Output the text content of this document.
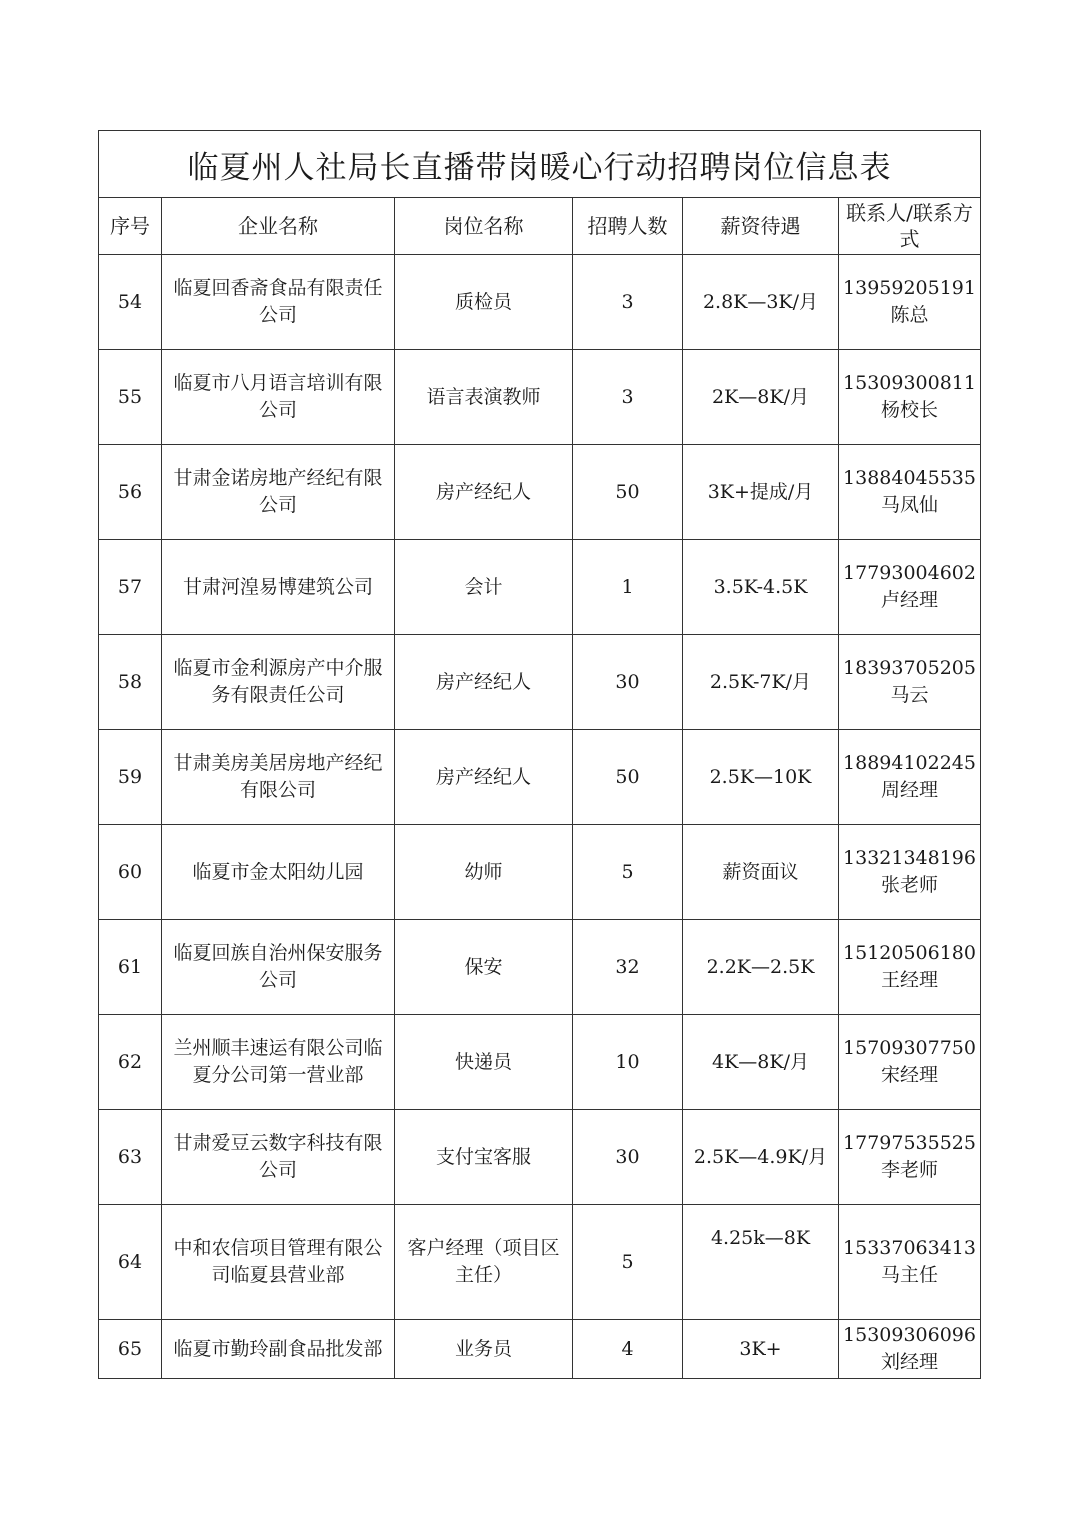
临夏州人社局长直播带岗暖心行动招聘岗位信息表					
序号	企业名称	岗位名称	招聘人数	薪资待遇	联系人/联系方式
54	临夏回香斋食品有限责任公司	质检员	3	2.8K—3K/月	13959205191
陈总

55	临夏市八月语言培训有限公司	语言表演教师	3	2K—8K/月	15309300811
杨校长

56	甘肃金诺房地产经纪有限公司	房产经纪人	50	3K+提成/月	13884045535
马凤仙

57	甘肃河湟易博建筑公司	会计	1	3.5K-4.5K	17793004602
卢经理

58	临夏市金利源房产中介服务有限责任公司	房产经纪人	30	2.5K-7K/月	18393705205
马云

59	甘肃美房美居房地产经纪有限公司	房产经纪人	50	2.5K—10K	18894102245
周经理

60	临夏市金太阳幼儿园	幼师	5	薪资面议	13321348196
张老师

61	临夏回族自治州保安服务公司	保安	32	2.2K—2.5K	15120506180
王经理

62	兰州顺丰速运有限公司临夏分公司第一营业部	快递员	10	4K—8K/月	15709307750
宋经理

63	甘肃爱豆云数字科技有限公司	支付宝客服	30	2.5K—4.9K/月	17797535525
李老师

64	中和农信项目管理有限公司临夏县营业部	客户经理（项目区主任）	5	4.25k—8K	15337063413
马主任

65	临夏市勤玲副食品批发部	业务员	4	3K+	15309306096
刘经理
